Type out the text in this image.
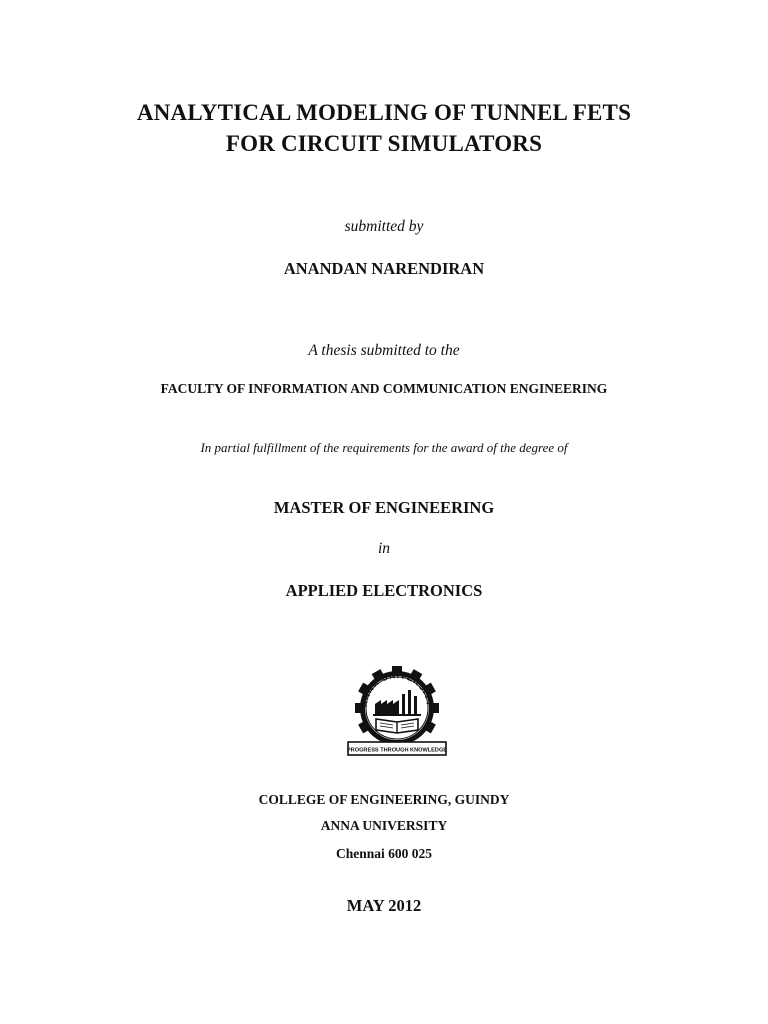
ANALYTICAL MODELING OF TUNNEL FETS
FOR CIRCUIT SIMULATORS
submitted by
ANANDAN NARENDIRAN
A thesis submitted to the
FACULTY OF INFORMATION AND COMMUNICATION ENGINEERING
In partial fulfillment of the requirements for the award of the degree of
MASTER OF ENGINEERING
in
APPLIED ELECTRONICS
ANNA UNIVERSITY
PROGRESS THROUGH KNOWLEDGE
COLLEGE OF ENGINEERING, GUINDY
ANNA UNIVERSITY
Chennai 600 025
MAY 2012
